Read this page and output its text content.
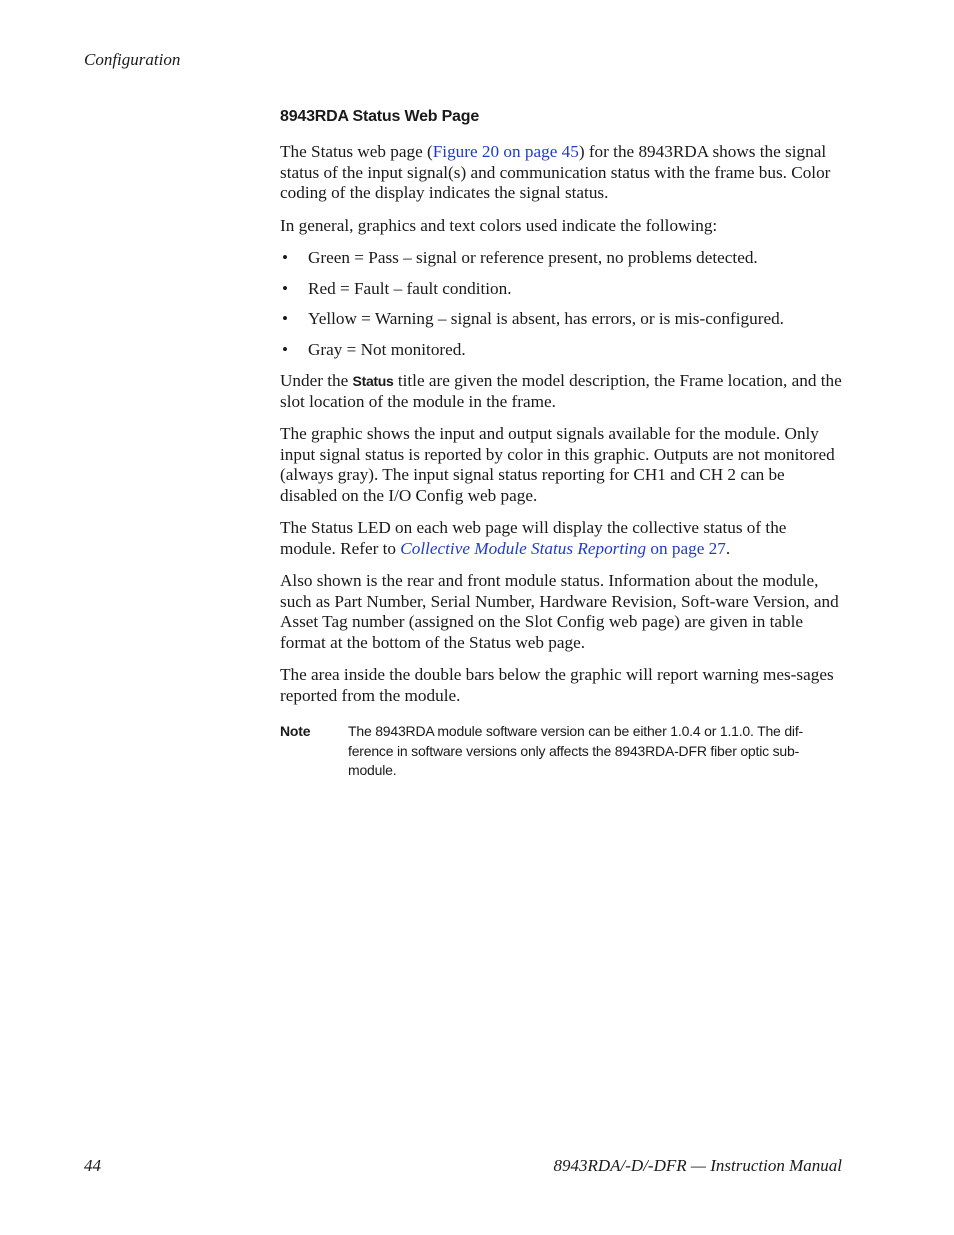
Configuration
8943RDA Status Web Page

The Status web page (Figure 20 on page 45) for the 8943RDA shows the signal status of the input signal(s) and communication status with the frame bus. Color coding of the display indicates the signal status.

In general, graphics and text colors used indicate the following:

• Green = Pass – signal or reference present, no problems detected.
• Red = Fault – fault condition.
• Yellow = Warning – signal is absent, has errors, or is mis-configured.
• Gray = Not monitored.

Under the Status title are given the model description, the Frame location, and the slot location of the module in the frame.

The graphic shows the input and output signals available for the module. Only input signal status is reported by color in this graphic. Outputs are not monitored (always gray). The input signal status reporting for CH1 and CH 2 can be disabled on the I/O Config web page.

The Status LED on each web page will display the collective status of the module. Refer to Collective Module Status Reporting on page 27.

Also shown is the rear and front module status. Information about the module, such as Part Number, Serial Number, Hardware Revision, Soft-ware Version, and Asset Tag number (assigned on the Slot Config web page) are given in table format at the bottom of the Status web page.

The area inside the double bars below the graphic will report warning mes-sages reported from the module.

Note	The 8943RDA module software version can be either 1.0.4 or 1.1.0. The dif-ference in software versions only affects the 8943RDA-DFR fiber optic sub-module.
44	8943RDA/-D/-DFR — Instruction Manual
